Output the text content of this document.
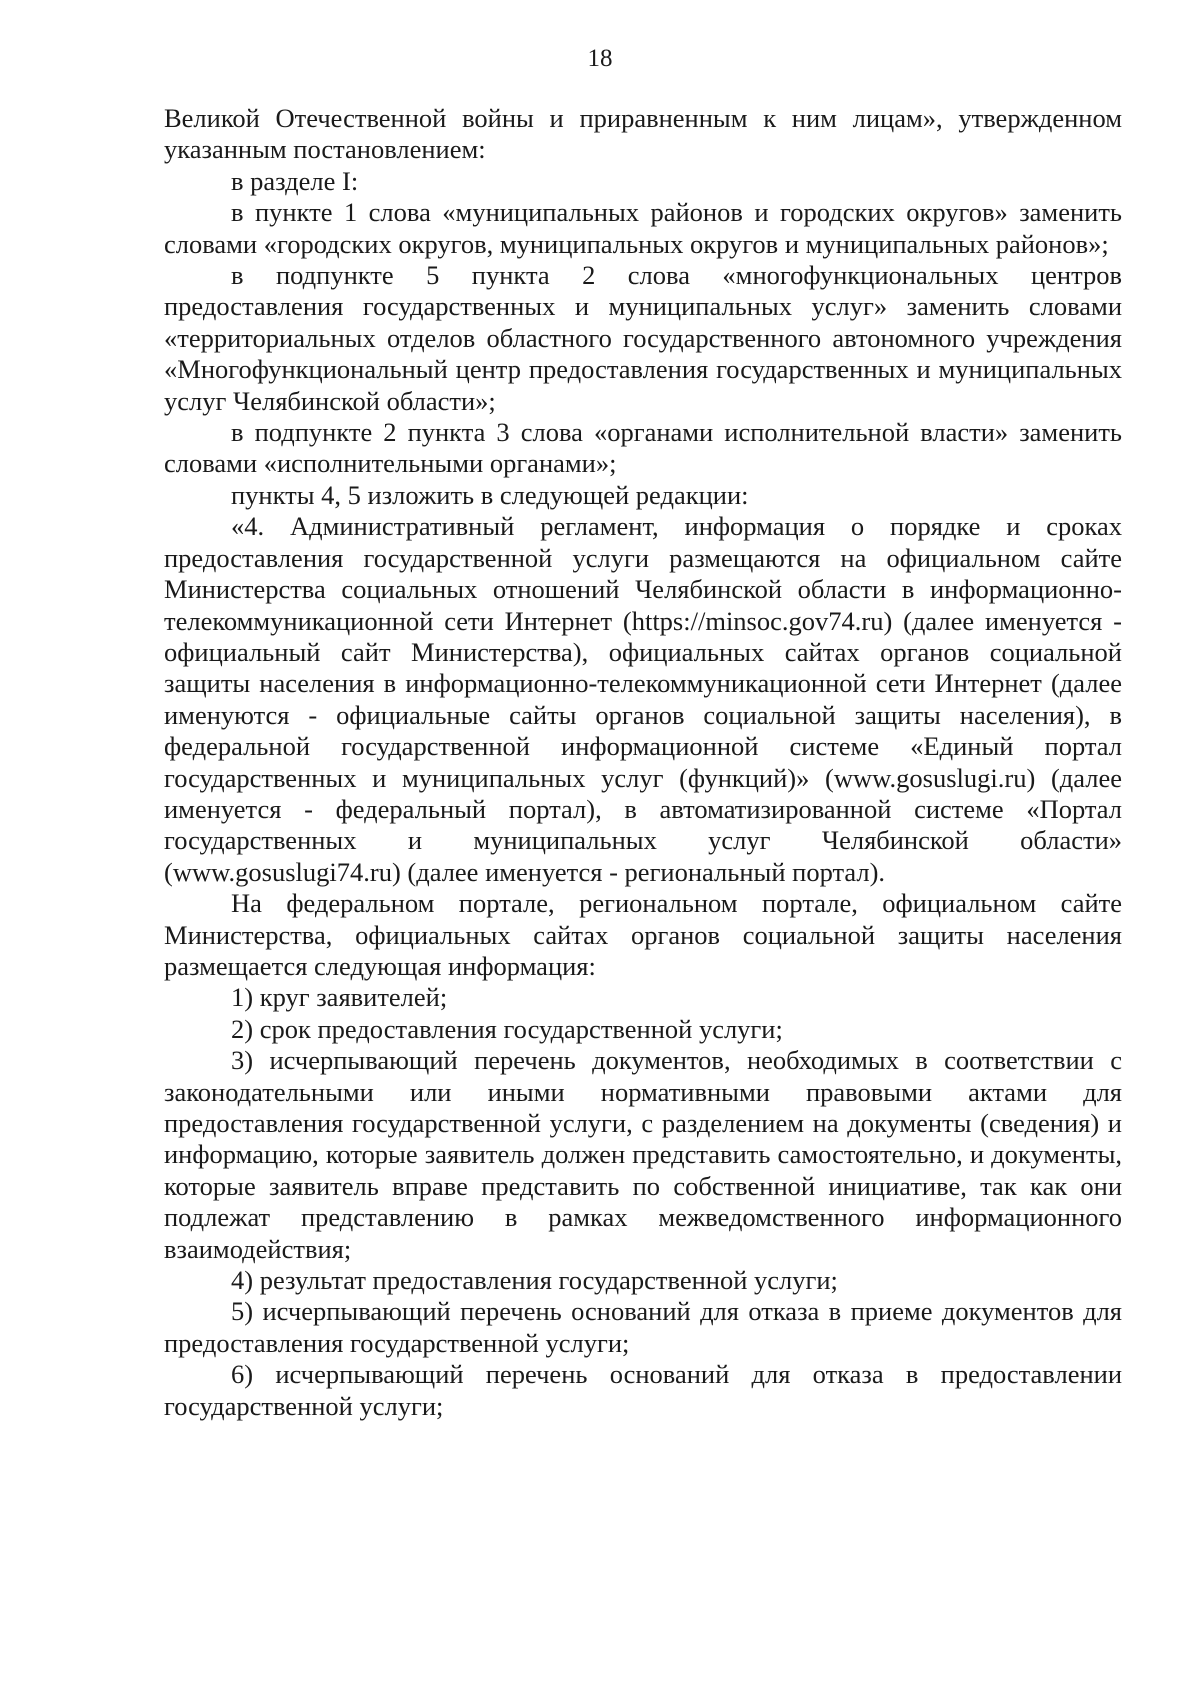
18

Великой Отечественной войны и приравненным к ним лицам», утвержденном указанным постановлением:

в разделе I:

в пункте 1 слова «муниципальных районов и городских округов» заменить словами «городских округов, муниципальных округов и муниципальных районов»;

в подпункте 5 пункта 2 слова «многофункциональных центров предоставления государственных и муниципальных услуг» заменить словами «территориальных отделов областного государственного автономного учреждения «Многофункциональный центр предоставления государственных и муниципальных услуг Челябинской области»;

в подпункте 2 пункта 3 слова «органами исполнительной власти» заменить словами «исполнительными органами»;

пункты 4, 5 изложить в следующей редакции:

«4. Административный регламент, информация о порядке и сроках предоставления государственной услуги размещаются на официальном сайте Министерства социальных отношений Челябинской области в информационно-телекоммуникационной сети Интернет (https://minsoc.gov74.ru) (далее именуется - официальный сайт Министерства), официальных сайтах органов социальной защиты населения в информационно-телекоммуникационной сети Интернет (далее именуются - официальные сайты органов социальной защиты населения), в федеральной государственной информационной системе «Единый портал государственных и муниципальных услуг (функций)» (www.gosuslugi.ru) (далее именуется - федеральный портал), в автоматизированной системе «Портал государственных и муниципальных услуг Челябинской области» (www.gosuslugi74.ru) (далее именуется - региональный портал).

На федеральном портале, региональном портале, официальном сайте Министерства, официальных сайтах органов социальной защиты населения размещается следующая информация:

1) круг заявителей;

2) срок предоставления государственной услуги;

3) исчерпывающий перечень документов, необходимых в соответствии с законодательными или иными нормативными правовыми актами для предоставления государственной услуги, с разделением на документы (сведения) и информацию, которые заявитель должен представить самостоятельно, и документы, которые заявитель вправе представить по собственной инициативе, так как они подлежат представлению в рамках межведомственного информационного взаимодействия;

4) результат предоставления государственной услуги;

5) исчерпывающий перечень оснований для отказа в приеме документов для предоставления государственной услуги;

6) исчерпывающий перечень оснований для отказа в предоставлении государственной услуги;
